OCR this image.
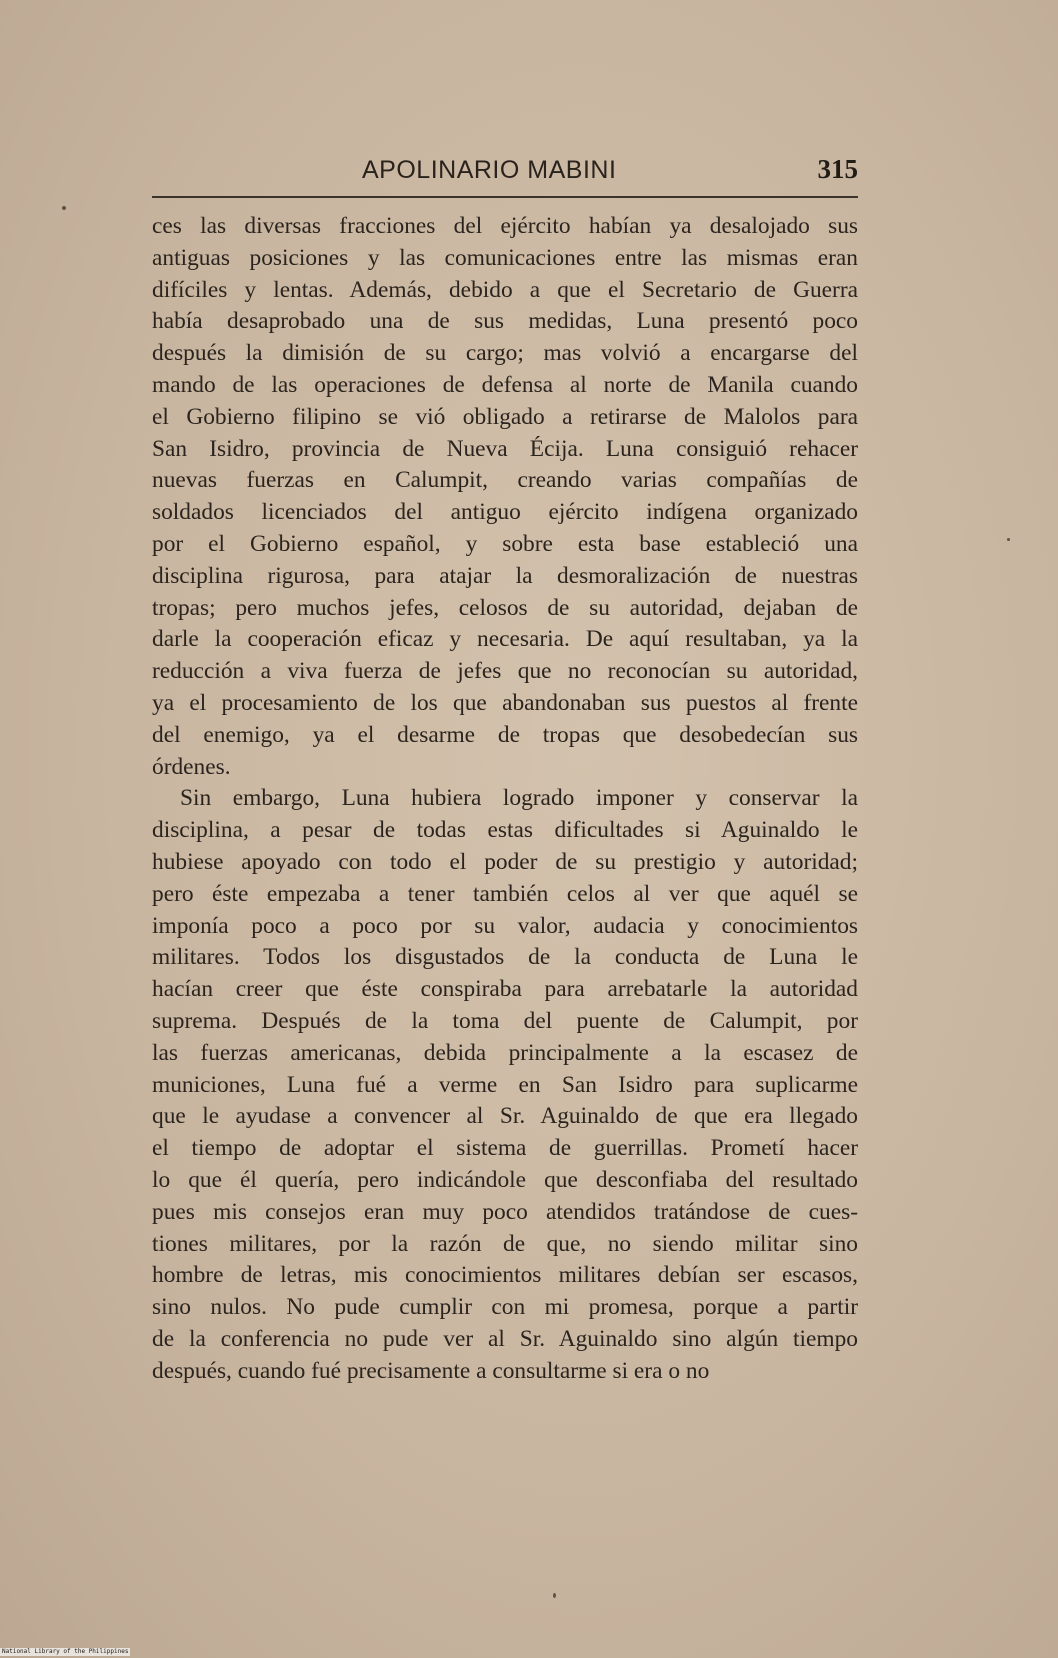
APOLINARIO MABINI	315
ces las diversas fracciones del ejército habían ya desalojado sus
antiguas posiciones y las comunicaciones entre las mismas eran
difíciles y lentas. Además, debido a que el Secretario de Guerra
había desaprobado una de sus medidas, Luna presentó poco
después la dimisión de su cargo; mas volvió a encargarse del
mando de las operaciones de defensa al norte de Manila cuando
el Gobierno filipino se vió obligado a retirarse de Malolos para
San Isidro, provincia de Nueva Écija. Luna consiguió rehacer
nuevas fuerzas en Calumpit, creando varias compañías de
soldados licenciados del antiguo ejército indígena organizado
por el Gobierno español, y sobre esta base estableció una
disciplina rigurosa, para atajar la desmoralización de nuestras
tropas; pero muchos jefes, celosos de su autoridad, dejaban de
darle la cooperación eficaz y necesaria. De aquí resultaban, ya la
reducción a viva fuerza de jefes que no reconocían su autoridad,
ya el procesamiento de los que abandonaban sus puestos al frente
del enemigo, ya el desarme de tropas que desobedecían sus
órdenes.
Sin embargo, Luna hubiera logrado imponer y conservar la
disciplina, a pesar de todas estas dificultades si Aguinaldo le
hubiese apoyado con todo el poder de su prestigio y autoridad;
pero éste empezaba a tener también celos al ver que aquél se
imponía poco a poco por su valor, audacia y conocimientos
militares. Todos los disgustados de la conducta de Luna le
hacían creer que éste conspiraba para arrebatarle la autoridad
suprema. Después de la toma del puente de Calumpit, por
las fuerzas americanas, debida principalmente a la escasez de
municiones, Luna fué a verme en San Isidro para suplicarme
que le ayudase a convencer al Sr. Aguinaldo de que era llegado
el tiempo de adoptar el sistema de guerrillas. Prometí hacer
lo que él quería, pero indicándole que desconfiaba del resultado
pues mis consejos eran muy poco atendidos tratándose de cues-
tiones militares, por la razón de que, no siendo militar sino
hombre de letras, mis conocimientos militares debían ser escasos,
sino nulos. No pude cumplir con mi promesa, porque a partir
de la conferencia no pude ver al Sr. Aguinaldo sino algún tiempo
después, cuando fué precisamente a consultarme si era o no
National Library of the Philippines
